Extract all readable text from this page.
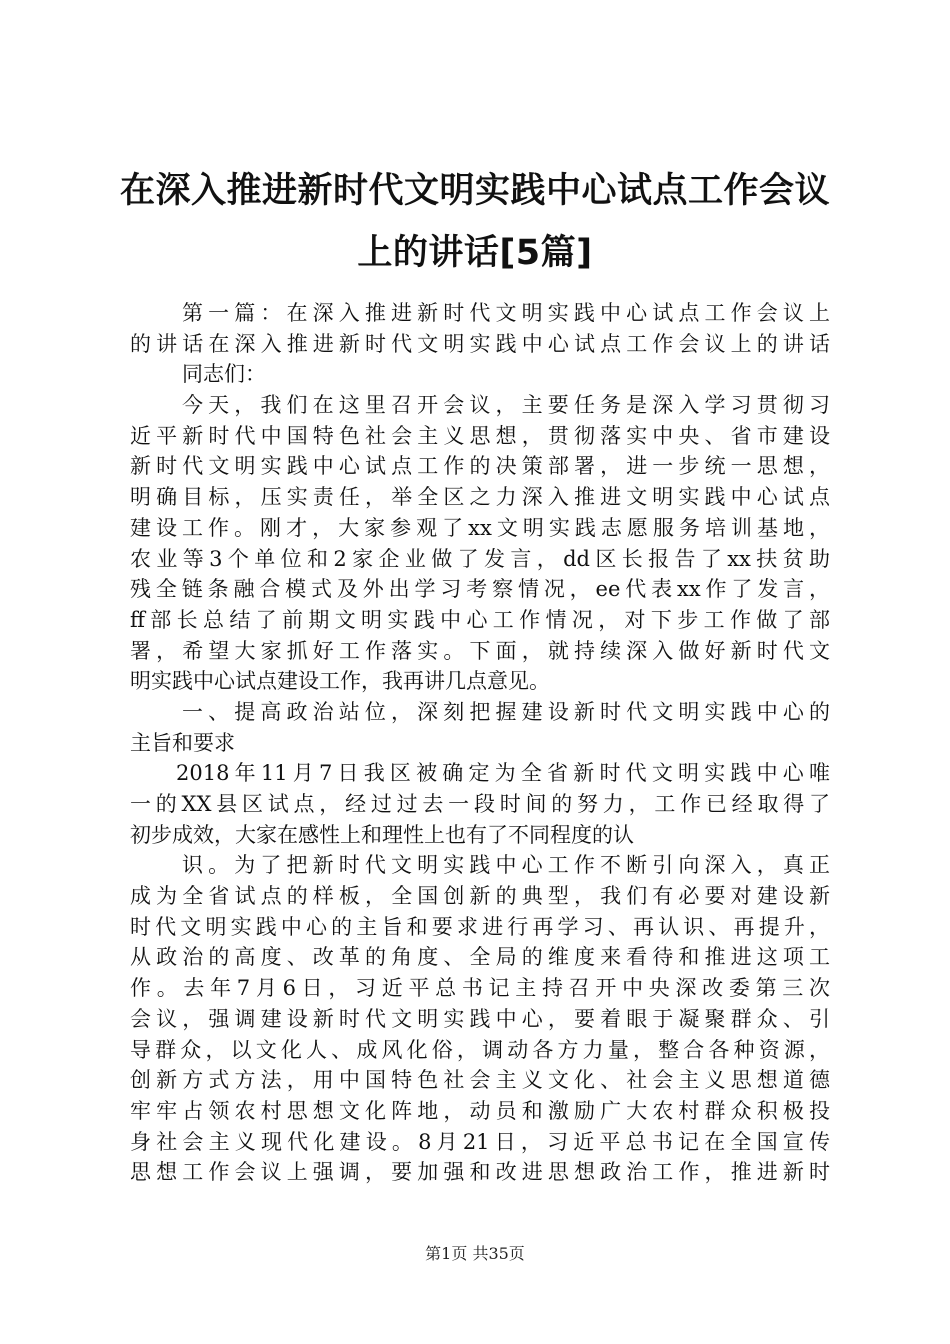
在深入推进新时代文明实践中心试点工作会议
上的讲话[5篇]
第一篇：在深入推进新时代文明实践中心试点工作会议上
的讲话在深入推进新时代文明实践中心试点工作会议上的讲话
同志们：
今天，我们在这里召开会议，主要任务是深入学习贯彻习
近平新时代中国特色社会主义思想，贯彻落实中央、省市建设
新时代文明实践中心试点工作的决策部署，进一步统一思想，
明确目标，压实责任，举全区之力深入推进文明实践中心试点
建设工作。刚才，大家参观了xx文明实践志愿服务培训基地，
农业等3个单位和2家企业做了发言，dd区长报告了xx扶贫助
残全链条融合模式及外出学习考察情况，ee代表xx作了发言，
ff部长总结了前期文明实践中心工作情况，对下步工作做了部
署，希望大家抓好工作落实。下面，就持续深入做好新时代文
明实践中心试点建设工作，我再讲几点意见。
一、提高政治站位，深刻把握建设新时代文明实践中心的
主旨和要求
2018年11月7日我区被确定为全省新时代文明实践中心唯
一的XX县区试点，经过过去一段时间的努力，工作已经取得了
初步成效，大家在感性上和理性上也有了不同程度的认
识。为了把新时代文明实践中心工作不断引向深入，真正
成为全省试点的样板，全国创新的典型，我们有必要对建设新
时代文明实践中心的主旨和要求进行再学习、再认识、再提升，
从政治的高度、改革的角度、全局的维度来看待和推进这项工
作。去年7月6日，习近平总书记主持召开中央深改委第三次
会议，强调建设新时代文明实践中心，要着眼于凝聚群众、引
导群众，以文化人、成风化俗，调动各方力量，整合各种资源，
创新方式方法，用中国特色社会主义文化、社会主义思想道德
牢牢占领农村思想文化阵地，动员和激励广大农村群众积极投
身社会主义现代化建设。8月21日，习近平总书记在全国宣传
思想工作会议上强调，要加强和改进思想政治工作，推进新时
第1页 共35页
